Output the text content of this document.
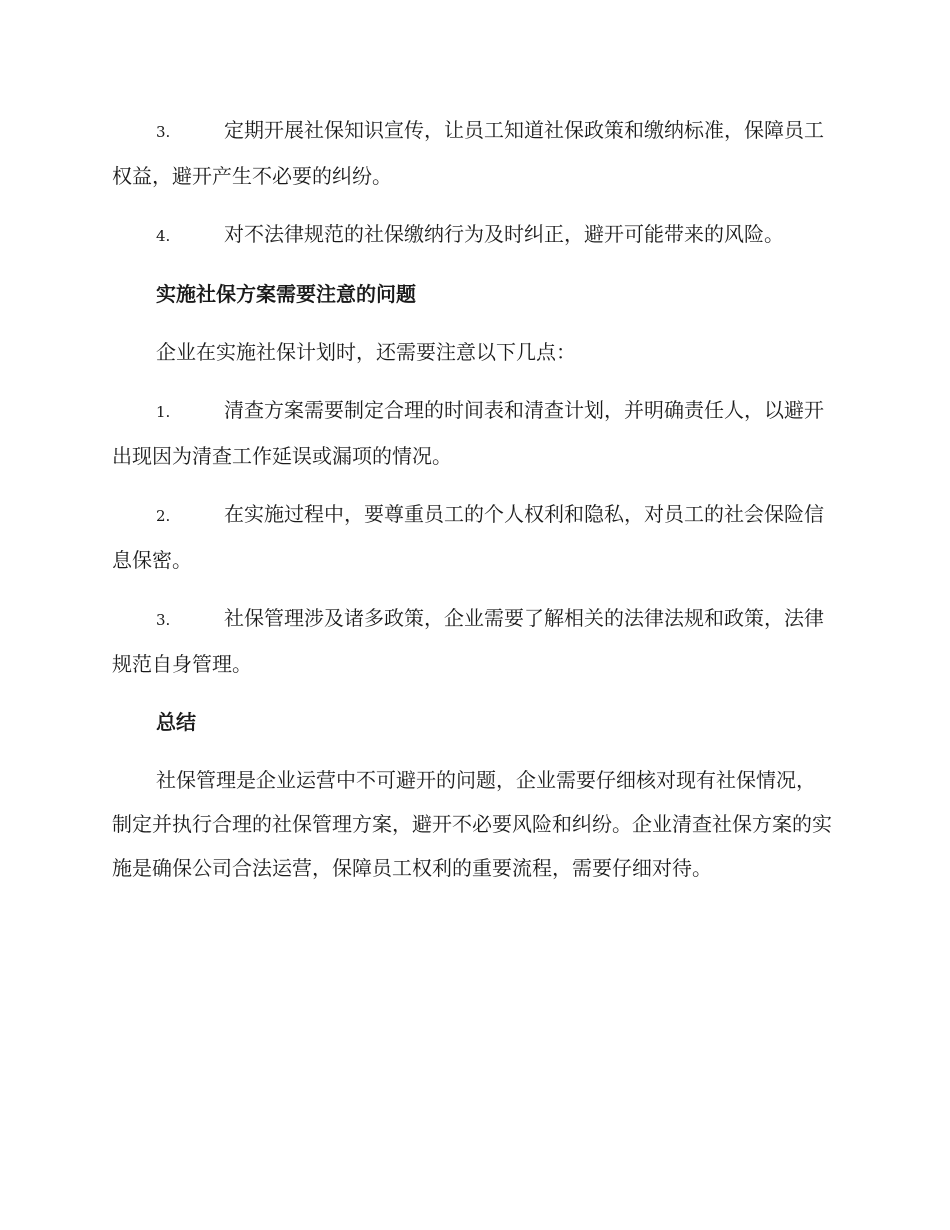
3.	定期开展社保知识宣传，让员工知道社保政策和缴纳标准，保障员工权益，避开产生不必要的纠纷。

4.	对不法律规范的社保缴纳行为及时纠正，避开可能带来的风险。

实施社保方案需要注意的问题

企业在实施社保计划时，还需要注意以下几点：

1.	清查方案需要制定合理的时间表和清查计划，并明确责任人，以避开出现因为清查工作延误或漏项的情况。

2.	在实施过程中，要尊重员工的个人权利和隐私，对员工的社会保险信息保密。

3.	社保管理涉及诸多政策，企业需要了解相关的法律法规和政策，法律规范自身管理。

总结

社保管理是企业运营中不可避开的问题，企业需要仔细核对现有社保情况，制定并执行合理的社保管理方案，避开不必要风险和纠纷。企业清查社保方案的实施是确保公司合法运营，保障员工权利的重要流程，需要仔细对待。
